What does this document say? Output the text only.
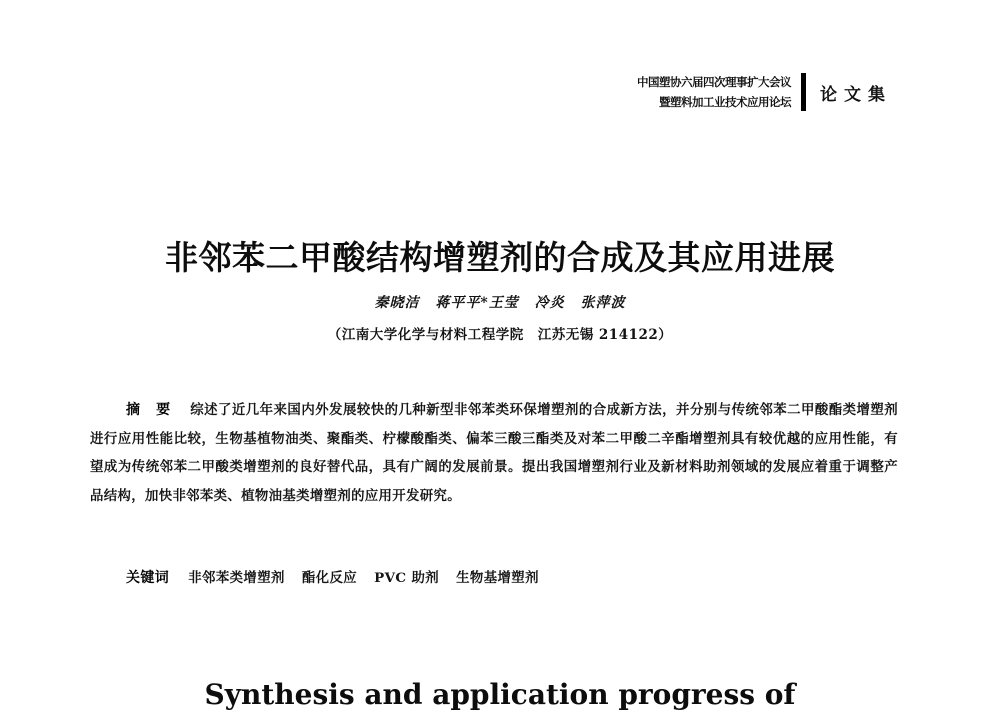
中国塑协六届四次理事扩大会议
暨塑料加工业技术应用论坛 论文集
非邻苯二甲酸结构增塑剂的合成及其应用进展
秦晓洁 蒋平平*王莹 冷炎 张萍波
（江南大学化学与材料工程学院　江苏无锡 214122）

摘要 综述了近几年来国内外发展较快的几种新型非邻苯类环保增塑剂的合成新方法，并分别与传统邻苯二甲酸酯类增塑剂进行应用性能比较，生物基植物油类、聚酯类、柠檬酸酯类、偏苯三酸三酯类及对苯二甲酸二辛酯增塑剂具有较优越的应用性能，有望成为传统邻苯二甲酸类增塑剂的良好替代品，具有广阔的发展前景。提出我国增塑剂行业及新材料助剂领域的发展应着重于调整产品结构，加快非邻苯类、植物油基类增塑剂的应用开发研究。

关键词 非邻苯类增塑剂 酯化反应 PVC 助剂 生物基增塑剂
Synthesis and application progress of
